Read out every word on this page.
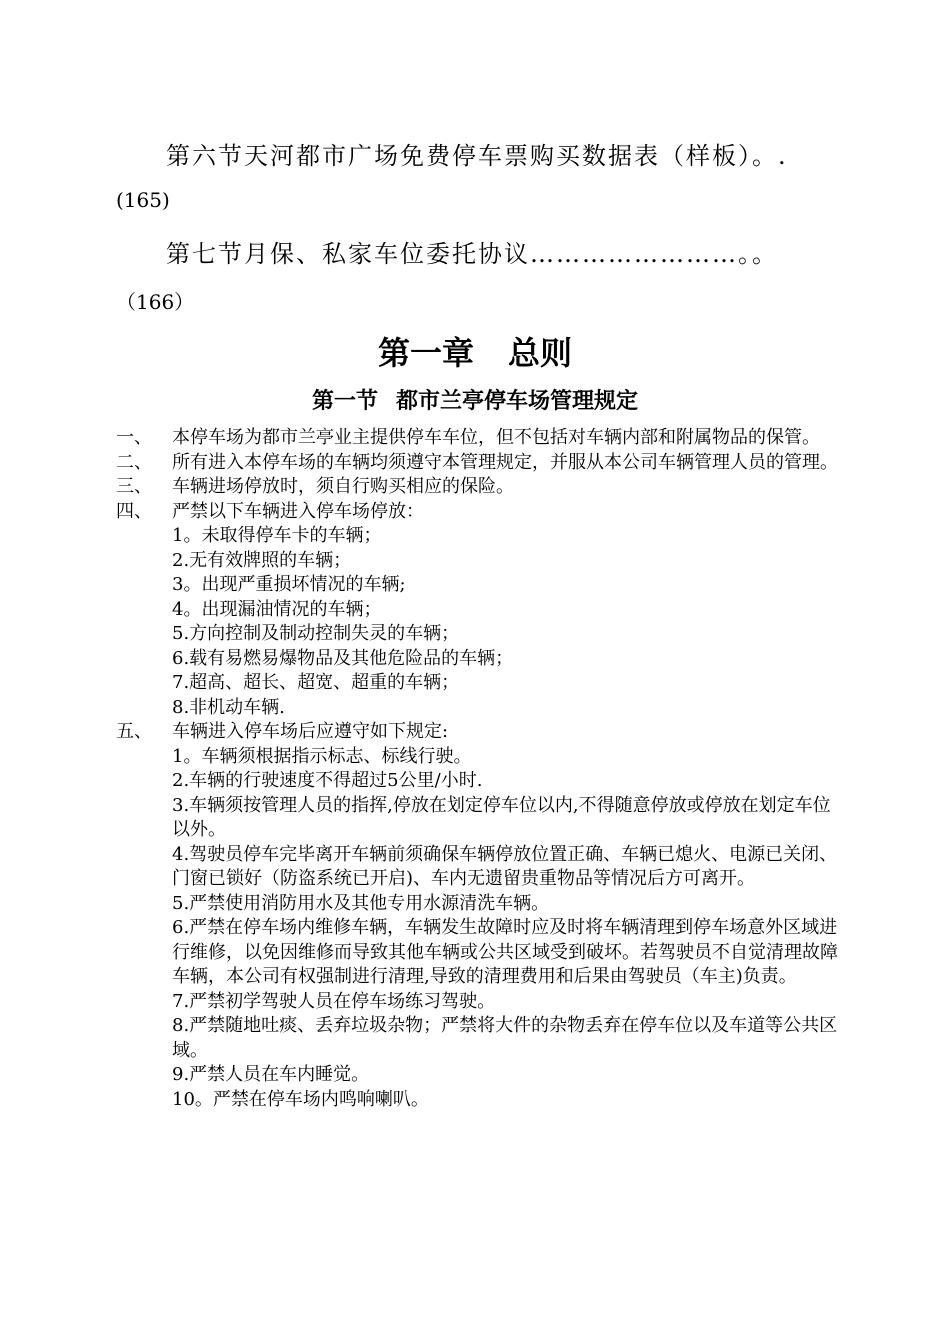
第六节天河都市广场免费停车票购买数据表（样板）。.
(165)
第七节月保、私家车位委托协议……………………。。
（166）
第一章 总则
第一节 都市兰亭停车场管理规定
一、 本停车场为都市兰亭业主提供停车车位，但不包括对车辆内部和附属物品的保管。
二、 所有进入本停车场的车辆均须遵守本管理规定，并服从本公司车辆管理人员的管理。
三、 车辆进场停放时，须自行购买相应的保险。
四、 严禁以下车辆进入停车场停放：
1。未取得停车卡的车辆；
2.无有效牌照的车辆；
3。出现严重损坏情况的车辆;
4。出现漏油情况的车辆；
5.方向控制及制动控制失灵的车辆；
6.载有易燃易爆物品及其他危险品的车辆；
7.超高、超长、超宽、超重的车辆；
8.非机动车辆.
五、 车辆进入停车场后应遵守如下规定:
1。车辆须根据指示标志、标线行驶。
2.车辆的行驶速度不得超过5公里/小时.
3.车辆须按管理人员的指挥,停放在划定停车位以内,不得随意停放或停放在划定车位以外。
4.驾驶员停车完毕离开车辆前须确保车辆停放位置正确、车辆已熄火、电源已关闭、门窗已锁好（防盗系统已开启)、车内无遗留贵重物品等情况后方可离开。
5.严禁使用消防用水及其他专用水源清洗车辆。
6.严禁在停车场内维修车辆，车辆发生故障时应及时将车辆清理到停车场意外区域进行维修，以免因维修而导致其他车辆或公共区域受到破坏。若驾驶员不自觉清理故障车辆，本公司有权强制进行清理,导致的清理费用和后果由驾驶员（车主)负责。
7.严禁初学驾驶人员在停车场练习驾驶。
8.严禁随地吐痰、丢弃垃圾杂物；严禁将大件的杂物丢弃在停车位以及车道等公共区域。
9.严禁人员在车内睡觉。
10。严禁在停车场内鸣响喇叭。
